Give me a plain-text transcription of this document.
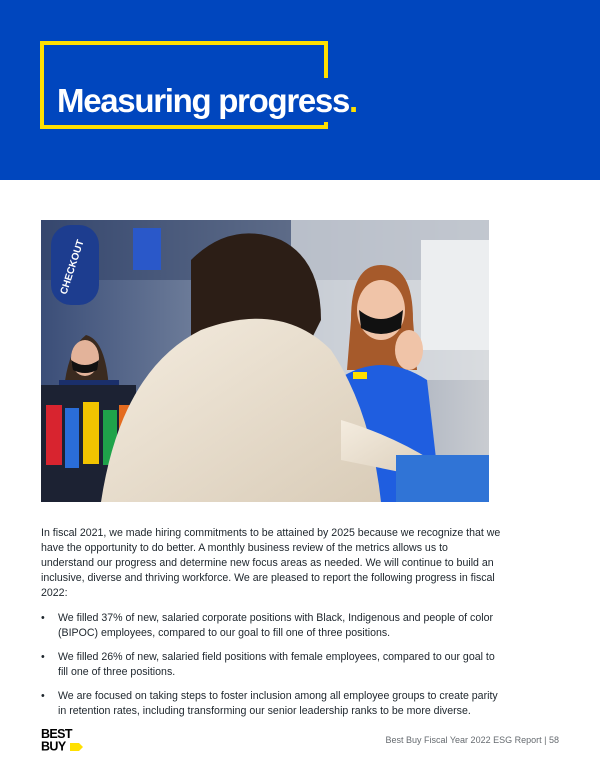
Measuring progress.
CHECKOUT

In fiscal 2021, we made hiring commitments to be attained by 2025 because we recognize that we have the opportunity to do better. A monthly business review of the metrics allows us to understand our progress and determine new focus areas as needed. We will continue to build an inclusive, diverse and thriving workforce. We are pleased to report the following progress in fiscal 2022:

• We filled 37% of new, salaried corporate positions with Black, Indigenous and people of color (BIPOC) employees, compared to our goal to fill one of three positions.
• We filled 26% of new, salaried field positions with female employees, compared to our goal to fill one of three positions.
• We are focused on taking steps to foster inclusion among all employee groups to create parity in retention rates, including transforming our senior leadership ranks to be more diverse.
BEST
BUY	Best Buy Fiscal Year 2022 ESG Report | 58
